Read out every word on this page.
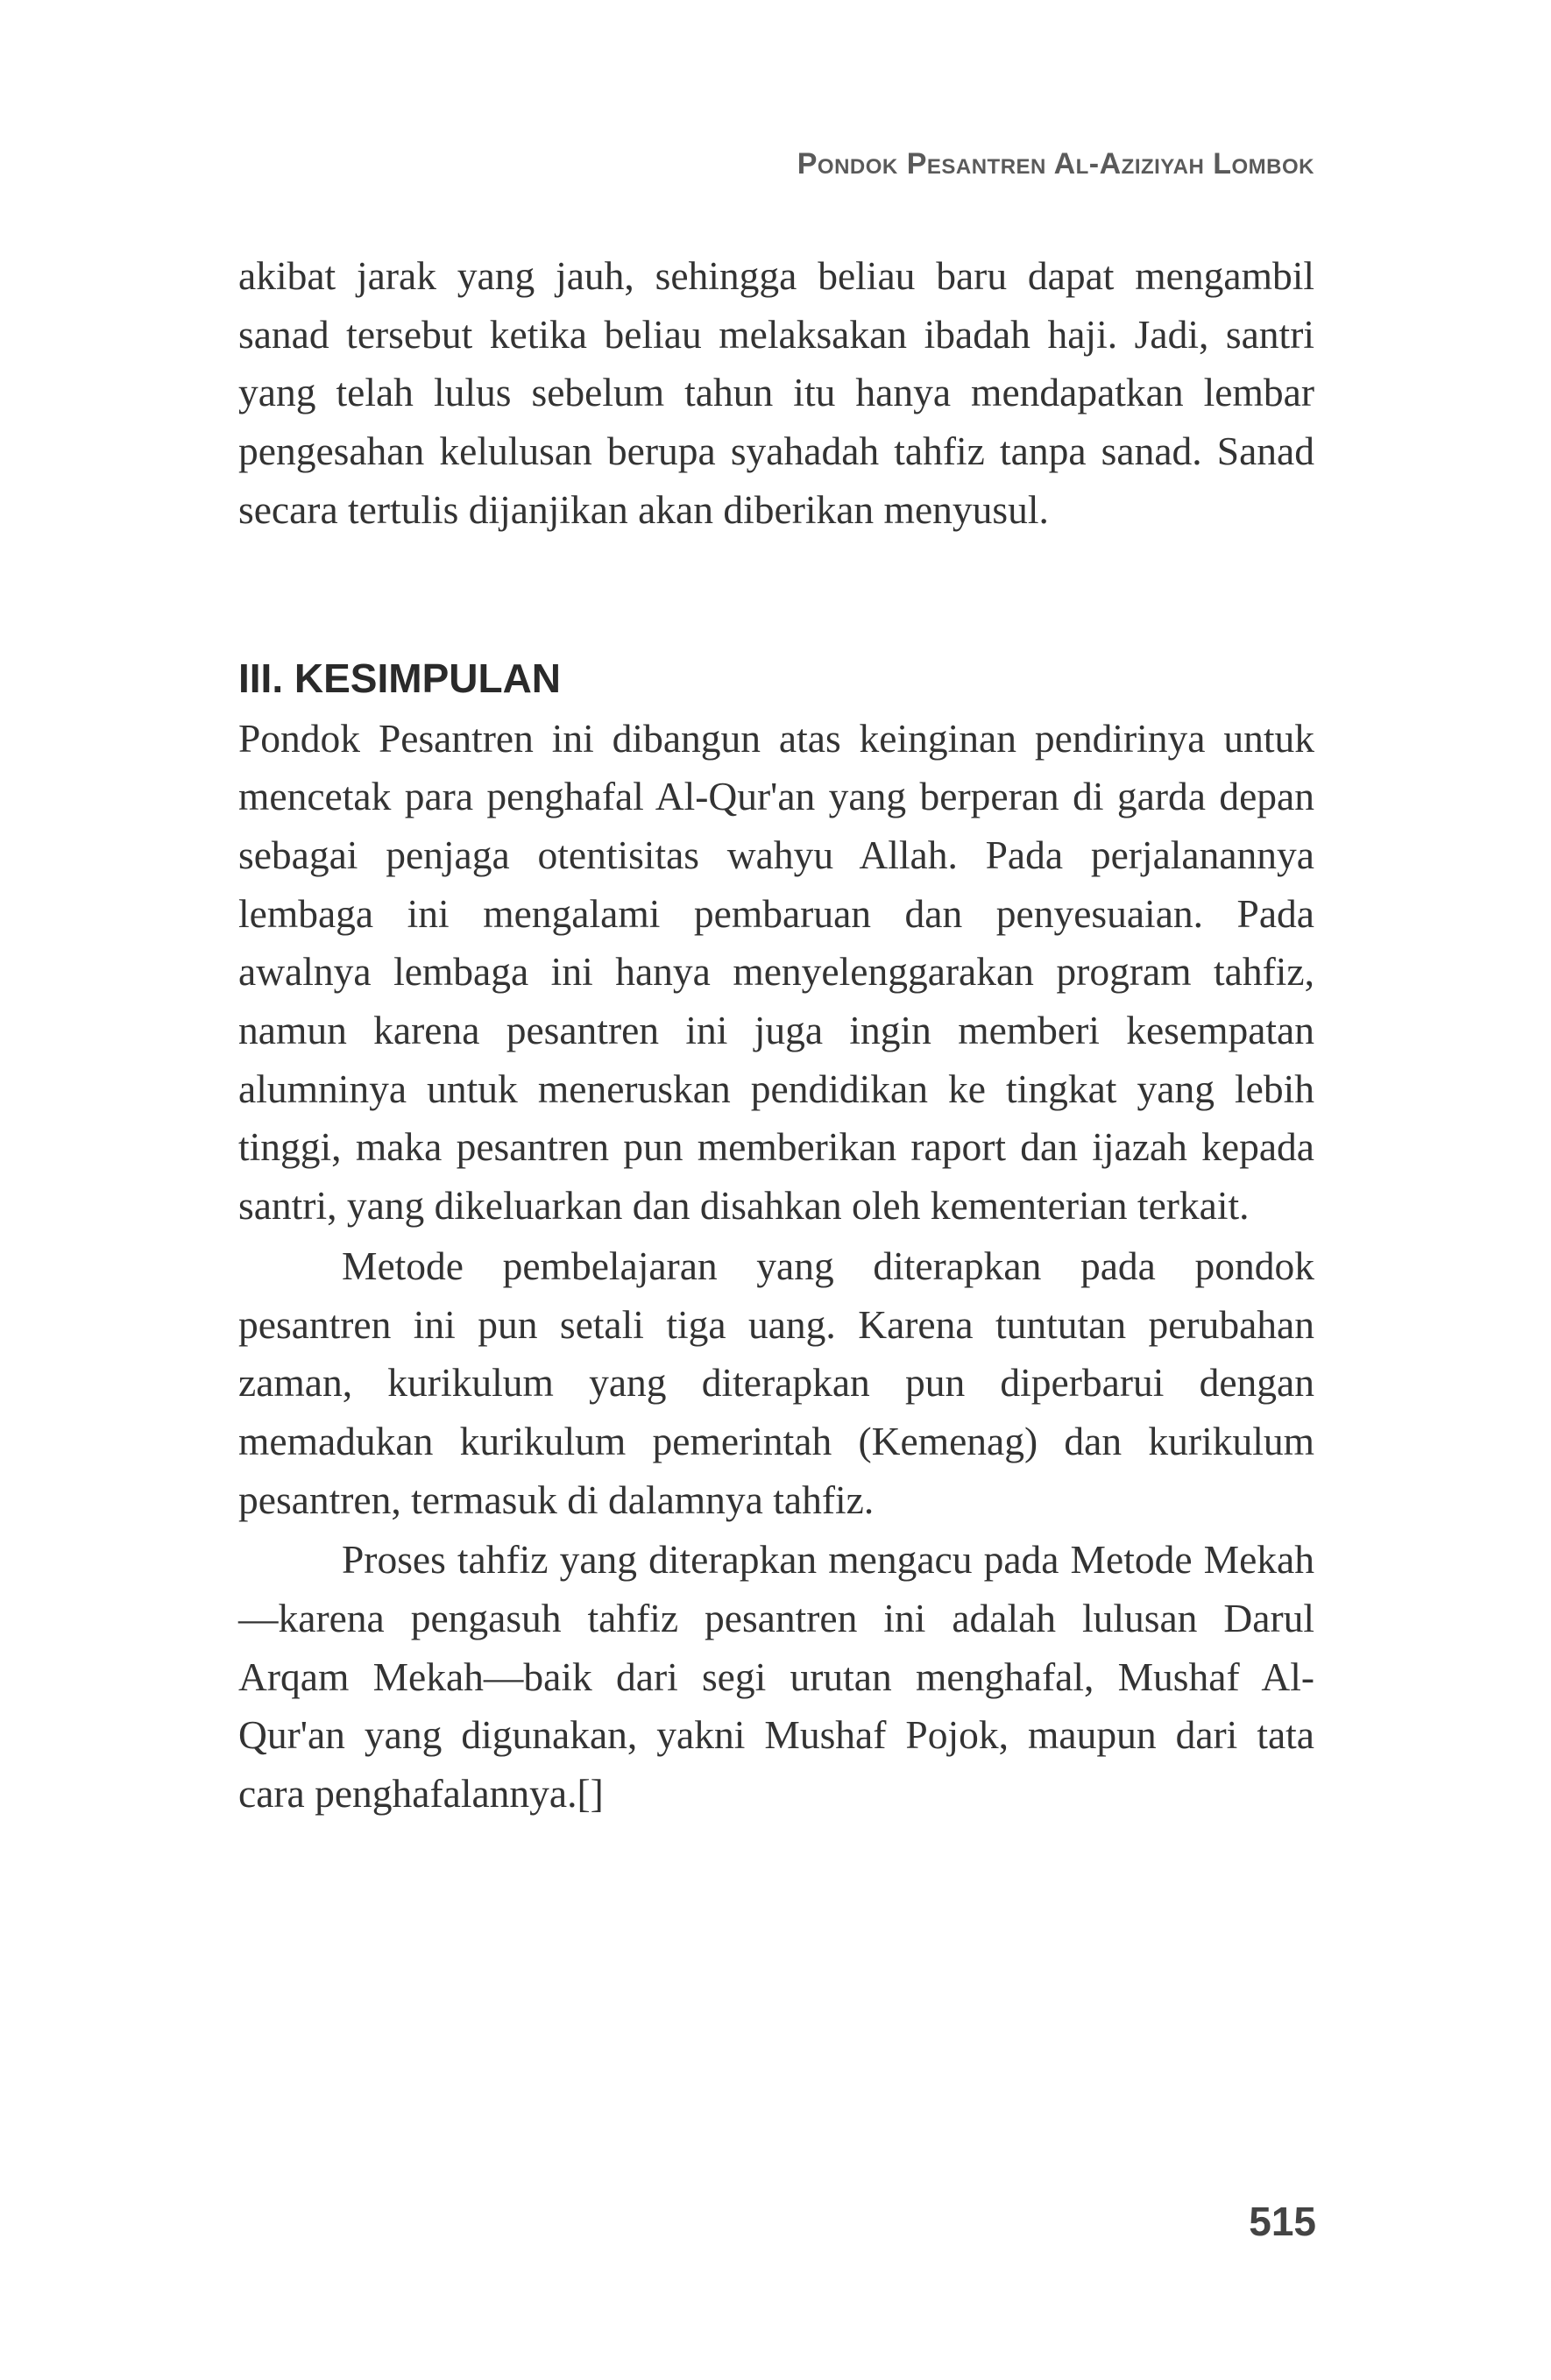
Pondok Pesantren Al-Aziziyah Lombok

akibat jarak yang jauh, sehingga beliau baru dapat mengambil sanad tersebut ketika beliau melaksakan ibadah haji. Jadi, santri yang telah lulus sebelum tahun itu hanya mendapatkan lembar pengesahan kelulusan berupa syahadah tahfiz tanpa sanad. Sanad secara tertulis dijanjikan akan diberikan menyusul.

III. KESIMPULAN

Pondok Pesantren ini dibangun atas keinginan pendirinya untuk mencetak para penghafal Al-Qur'an yang berperan di garda depan sebagai penjaga otentisitas wahyu Allah. Pada perjalanannya lembaga ini mengalami pembaruan dan penyesuaian. Pada awalnya lembaga ini hanya menyelenggarakan program tahfiz, namun karena pesantren ini juga ingin memberi kesempatan alumninya untuk meneruskan pendidikan ke tingkat yang lebih tinggi, maka pesantren pun memberikan raport dan ijazah kepada santri, yang dikeluarkan dan disahkan oleh kementerian terkait.

Metode pembelajaran yang diterapkan pada pondok pesantren ini pun setali tiga uang. Karena tuntutan perubahan zaman, kurikulum yang diterapkan pun diperbarui dengan memadukan kurikulum pemerintah (Kemenag) dan kurikulum pesantren, termasuk di dalamnya tahfiz.

Proses tahfiz yang diterapkan mengacu pada Metode Mekah—karena pengasuh tahfiz pesantren ini adalah lulusan Darul Arqam Mekah—baik dari segi urutan menghafal, Mushaf Al-Qur'an yang digunakan, yakni Mushaf Pojok, maupun dari tata cara penghafalannya.[]

515
